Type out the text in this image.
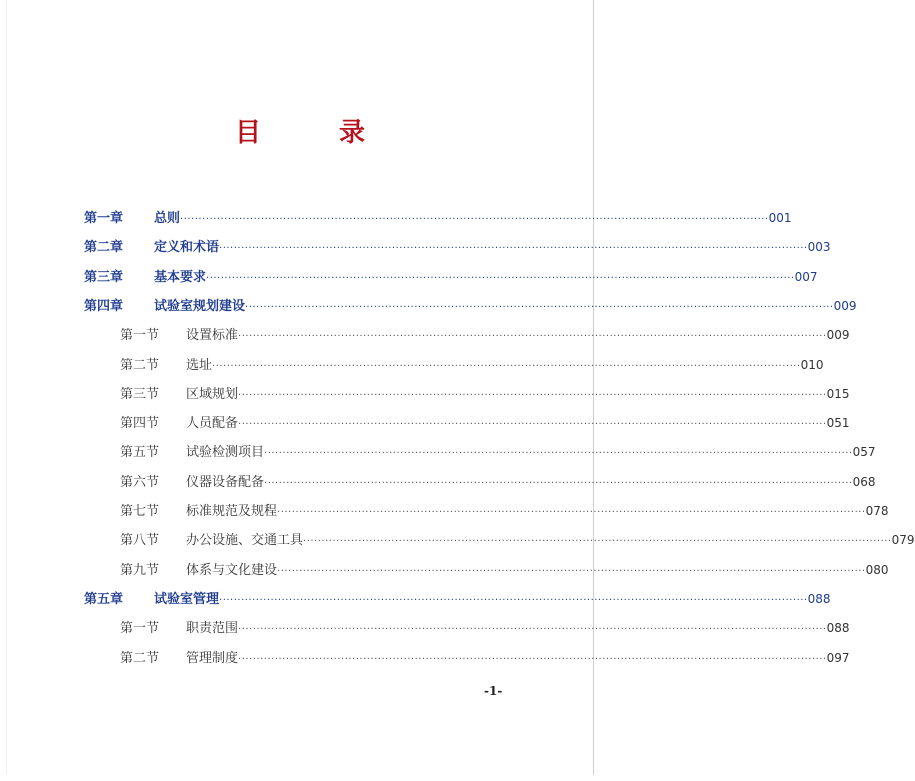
目　录
第一章	总则 ································································································································································ 001
第二章	定义和术语 ································································································································································ 003
第三章	基本要求 ································································································································································ 007
第四章	试验室规划建设 ································································································································································ 009
第一节	设置标准 ································································································································································ 009
第二节	选址 ································································································································································ 010
第三节	区域规划 ································································································································································ 015
第四节	人员配备 ································································································································································ 051
第五节	试验检测项目 ································································································································································ 057
第六节	仪器设备配备 ································································································································································ 068
第七节	标准规范及规程 ································································································································································ 078
第八节	办公设施、交通工具 ································································································································································ 079
第九节	体系与文化建设 ································································································································································ 080
第五章	试验室管理 ································································································································································ 088
第一节	职责范围 ································································································································································ 088
第二节	管理制度 ································································································································································ 097
-1-
